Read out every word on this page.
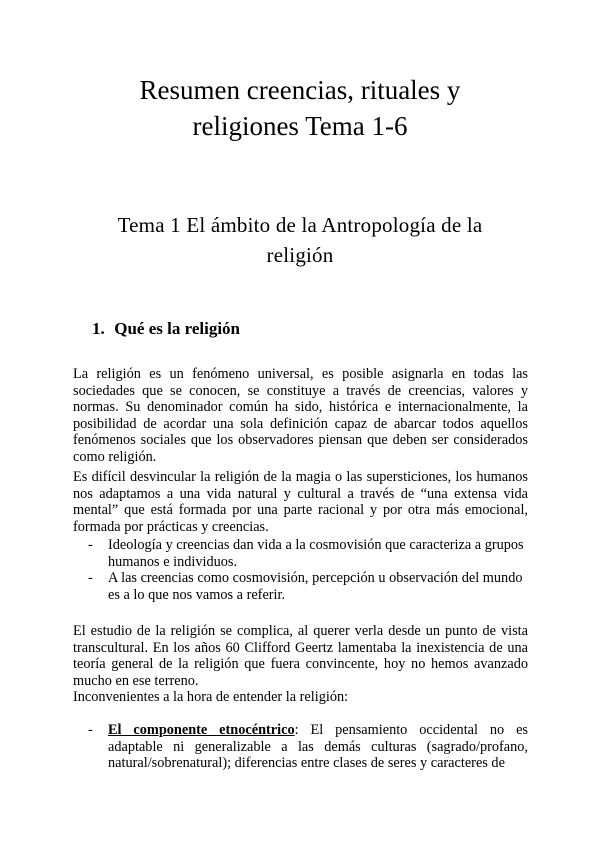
Resumen creencias, rituales y
religiones Tema 1-6
Tema 1 El ámbito de la Antropología de la
religión
1. Qué es la religión

La religión es un fenómeno universal, es posible asignarla en todas las sociedades que se conocen, se constituye a través de creencias, valores y normas. Su denominador común ha sido, histórica e internacionalmente, la posibilidad de acordar una sola definición capaz de abarcar todos aquellos fenómenos sociales que los observadores piensan que deben ser considerados como religión.

Es difícil desvincular la religión de la magia o las supersticiones, los humanos nos adaptamos a una vida natural y cultural a través de “una extensa vida mental” que está formada por una parte racional y por otra más emocional, formada por prácticas y creencias.

- Ideología y creencias dan vida a la cosmovisión que caracteriza a grupos humanos e individuos.
- A las creencias como cosmovisión, percepción u observación del mundo es a lo que nos vamos a referir.

El estudio de la religión se complica, al querer verla desde un punto de vista transcultural. En los años 60 Clifford Geertz lamentaba la inexistencia de una teoría general de la religión que fuera convincente, hoy no hemos avanzado mucho en ese terreno.

Inconvenientes a la hora de entender la religión:

- El componente etnocéntrico: El pensamiento occidental no es adaptable ni generalizable a las demás culturas (sagrado/profano, natural/sobrenatural); diferencias entre clases de seres y caracteres de
